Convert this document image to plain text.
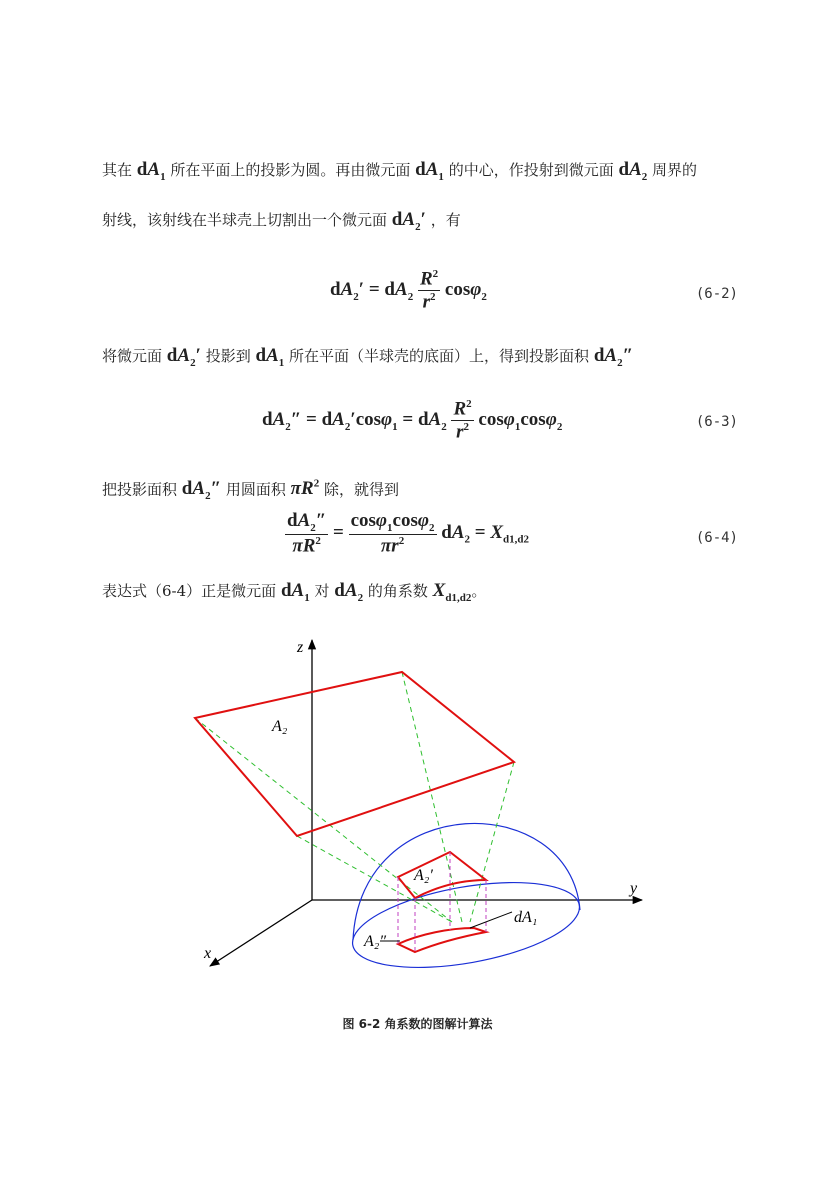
其在 $dA_1$ 所在平面上的投影为圆。再由微元面 $dA_1$ 的中心，作投射到微元面 $dA_2$ 周界的
射线，该射线在半球壳上切割出一个微元面 $dA_2'$ ，有
$dA_2' = dA_2 \frac{R^2}{r^2} \cos\varphi_2$	(6-2)
将微元面 $dA_2'$ 投影到 $dA_1$ 所在平面（半球壳的底面）上，得到投影面积 $dA_2''$
$dA_2'' = dA_2'\cos\varphi_1 = dA_2 \frac{R^2}{r^2} \cos\varphi_1\cos\varphi_2$	(6-3)
把投影面积 $dA_2''$ 用圆面积 $\pi R^2$ 除，就得到
$\frac{dA_2''}{\pi R^2} = \frac{\cos\varphi_1\cos\varphi_2}{\pi r^2} dA_2 = X_{d1,d2}$	(6-4)
表达式（6-4）正是微元面 $dA_1$ 对 $dA_2$ 的角系数 $X_{d1,d2}$。
z
y
x
A₂
A₂′
A₂″
dA₁
图 6-2 角系数的图解计算法
